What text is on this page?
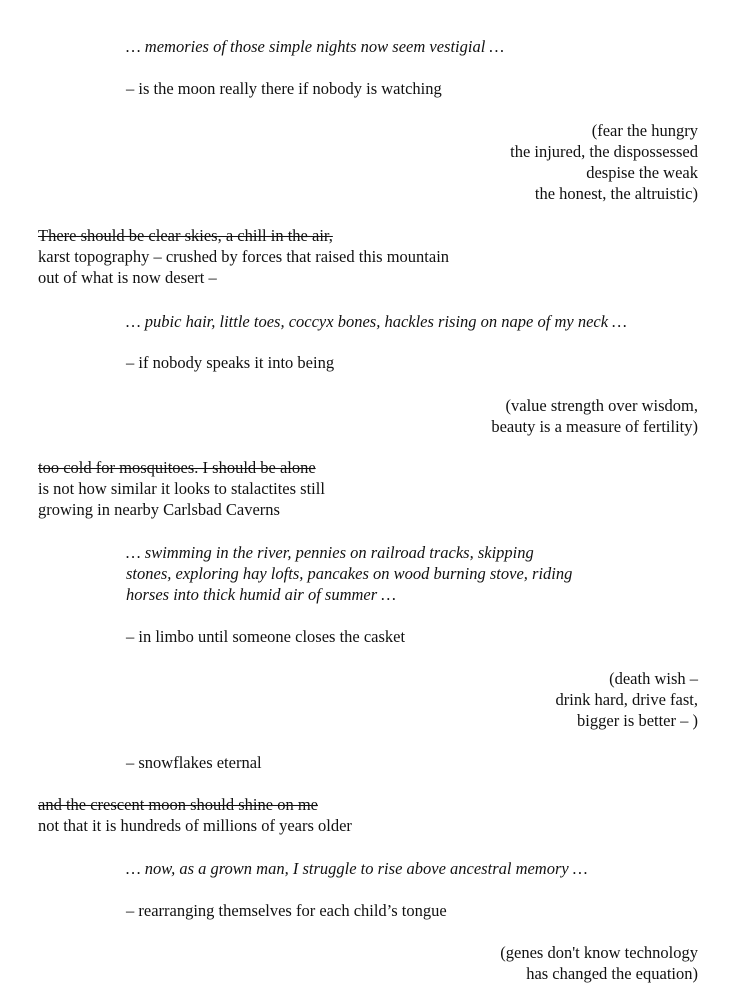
… memories of those simple nights now seem vestigial …
– is the moon really there if nobody is watching
(fear the hungry
the injured, the dispossessed
despise the weak
the honest, the altruistic)
There should be clear skies, a chill in the air,
karst topography – crushed by forces that raised this mountain
out of what is now desert –
… pubic hair, little toes, coccyx bones, hackles rising on nape of my neck …
– if nobody speaks it into being
(value strength over wisdom,
beauty is a measure of fertility)
too cold for mosquitoes. I should be alone
is not how similar it looks to stalactites still
growing in nearby Carlsbad Caverns
… swimming in the river, pennies on railroad tracks, skipping
stones, exploring hay lofts, pancakes on wood burning stove, riding
horses into thick humid air of summer …
– in limbo until someone closes the casket
(death wish –
drink hard, drive fast,
bigger is better – )
– snowflakes eternal
and the crescent moon should shine on me
not that it is hundreds of millions of years older
… now, as a grown man, I struggle to rise above ancestral memory …
– rearranging themselves for each child’s tongue
(genes don't know technology
has changed the equation)
